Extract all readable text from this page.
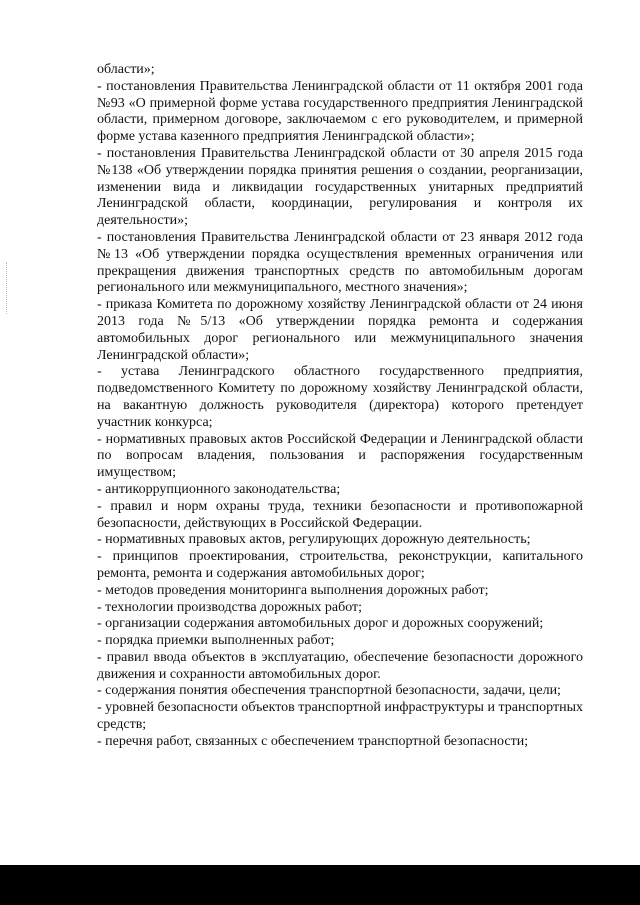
области»;

- постановления Правительства Ленинградской области от 11 октября 2001 года №93 «О примерной форме устава государственного предприятия Ленинградской области, примерном договоре, заключаемом с его руководителем, и примерной форме устава казенного предприятия Ленинградской области»;

- постановления Правительства Ленинградской области от 30 апреля 2015 года №138 «Об утверждении порядка принятия решения о создании, реорганизации, изменении вида и ликвидации государственных унитарных предприятий Ленинградской области, координации, регулирования и контроля их деятельности»;

- постановления Правительства Ленинградской области от 23 января 2012 года №13 «Об утверждении порядка осуществления временных ограничения или прекращения движения транспортных средств по автомобильным дорогам регионального или межмуниципального, местного значения»;

- приказа Комитета по дорожному хозяйству Ленинградской области от 24 июня 2013 года №5/13 «Об утверждении порядка ремонта и содержания автомобильных дорог регионального или межмуниципального значения Ленинградской области»;

- устава Ленинградского областного государственного предприятия, подведомственного Комитету по дорожному хозяйству Ленинградской области, на вакантную должность руководителя (директора) которого претендует участник конкурса;

- нормативных правовых актов Российской Федерации и Ленинградской области по вопросам владения, пользования и распоряжения государственным имуществом;

- антикоррупционного законодательства;

- правил и норм охраны труда, техники безопасности и противопожарной безопасности, действующих в Российской Федерации.

- нормативных правовых актов, регулирующих дорожную деятельность;

- принципов проектирования, строительства, реконструкции, капитального ремонта, ремонта и содержания автомобильных дорог;

- методов проведения мониторинга выполнения дорожных работ;

- технологии производства дорожных работ;

- организации содержания автомобильных дорог и дорожных сооружений;

- порядка приемки выполненных работ;

- правил ввода объектов в эксплуатацию, обеспечение безопасности дорожного движения и сохранности автомобильных дорог.

- содержания понятия обеспечения транспортной безопасности, задачи, цели;

- уровней безопасности объектов транспортной инфраструктуры и транспортных средств;

- перечня работ, связанных с обеспечением транспортной безопасности;
